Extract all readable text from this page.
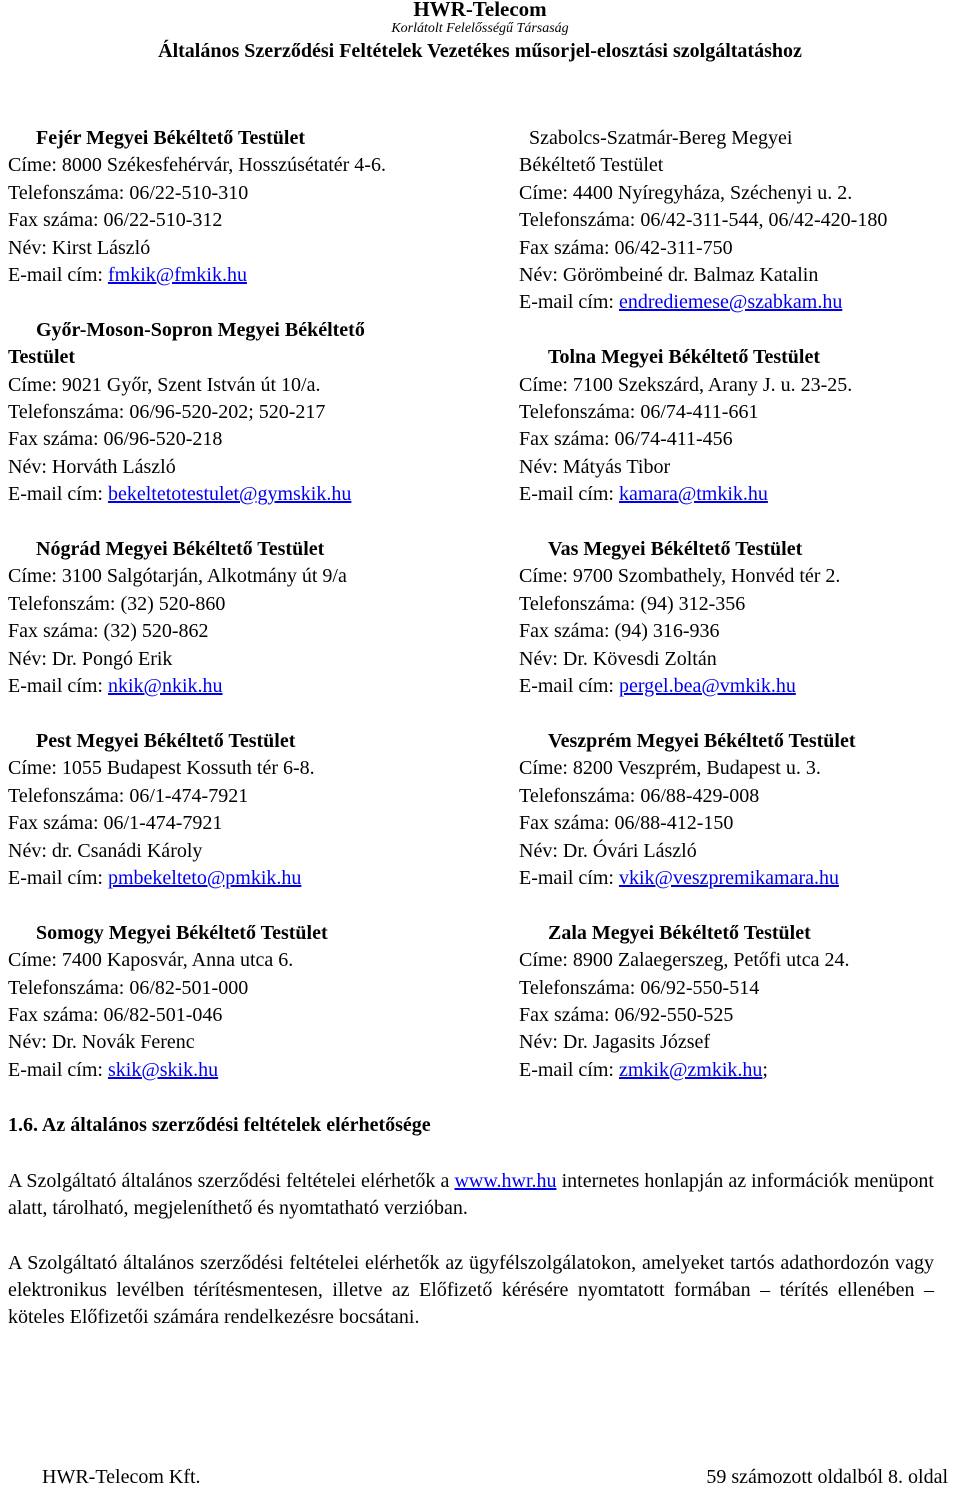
HWR-Telecom
Korlátolt Felelősségű Társaság
Általános Szerződési Feltételek Vezetékes műsorjel-elosztási szolgáltatáshoz
Fejér Megyei Békéltető Testület
Címe: 8000 Székesfehérvár, Hosszúsétatér 4-6.
Telefonszáma: 06/22-510-310
Fax száma: 06/22-510-312
Név: Kirst László
E-mail cím: fmkik@fmkik.hu
Győr-Moson-Sopron Megyei Békéltető
Testület
Címe: 9021 Győr, Szent István út 10/a.
Telefonszáma: 06/96-520-202; 520-217
Fax száma: 06/96-520-218
Név: Horváth László
E-mail cím: bekeltetotestulet@gymskik.hu
Nógrád Megyei Békéltető Testület
Címe: 3100 Salgótarján, Alkotmány út 9/a
Telefonszám: (32) 520-860
Fax száma: (32) 520-862
Név: Dr. Pongó Erik
E-mail cím: nkik@nkik.hu
Pest Megyei Békéltető Testület
Címe: 1055 Budapest Kossuth tér 6-8.
Telefonszáma: 06/1-474-7921
Fax száma: 06/1-474-7921
Név: dr. Csanádi Károly
E-mail cím: pmbekelteto@pmkik.hu
Somogy Megyei Békéltető Testület
Címe: 7400 Kaposvár, Anna utca 6.
Telefonszáma: 06/82-501-000
Fax száma: 06/82-501-046
Név: Dr. Novák Ferenc
E-mail cím: skik@skik.hu
Szabolcs-Szatmár-Bereg Megyei
Békéltető Testület
Címe: 4400 Nyíregyháza, Széchenyi u. 2.
Telefonszáma: 06/42-311-544, 06/42-420-180
Fax száma: 06/42-311-750
Név: Görömbeiné dr. Balmaz Katalin
E-mail cím: endrediemese@szabkam.hu
Tolna Megyei Békéltető Testület
Címe: 7100 Szekszárd, Arany J. u. 23-25.
Telefonszáma: 06/74-411-661
Fax száma: 06/74-411-456
Név: Mátyás Tibor
E-mail cím: kamara@tmkik.hu
Vas Megyei Békéltető Testület
Címe: 9700 Szombathely, Honvéd tér 2.
Telefonszáma: (94) 312-356
Fax száma: (94) 316-936
Név: Dr. Kövesdi Zoltán
E-mail cím: pergel.bea@vmkik.hu
Veszprém Megyei Békéltető Testület
Címe: 8200 Veszprém, Budapest u. 3.
Telefonszáma: 06/88-429-008
Fax száma: 06/88-412-150
Név: Dr. Óvári László
E-mail cím: vkik@veszpremikamara.hu
Zala Megyei Békéltető Testület
Címe: 8900 Zalaegerszeg, Petőfi utca 24.
Telefonszáma: 06/92-550-514
Fax száma: 06/92-550-525
Név: Dr. Jagasits József
E-mail cím: zmkik@zmkik.hu;
1.6. Az általános szerződési feltételek elérhetősége
A Szolgáltató általános szerződési feltételei elérhetők a www.hwr.hu internetes honlapján az információk menüpont alatt, tárolható, megjeleníthető és nyomtatható verzióban.
A Szolgáltató általános szerződési feltételei elérhetők az ügyfélszolgálatokon, amelyeket tartós adathordozón vagy elektronikus levélben térítésmentesen, illetve az Előfizető kérésére nyomtatott formában – térítés ellenében – köteles Előfizetői számára rendelkezésre bocsátani.
HWR-Telecom Kft.	59 számozott oldalból 8. oldal
